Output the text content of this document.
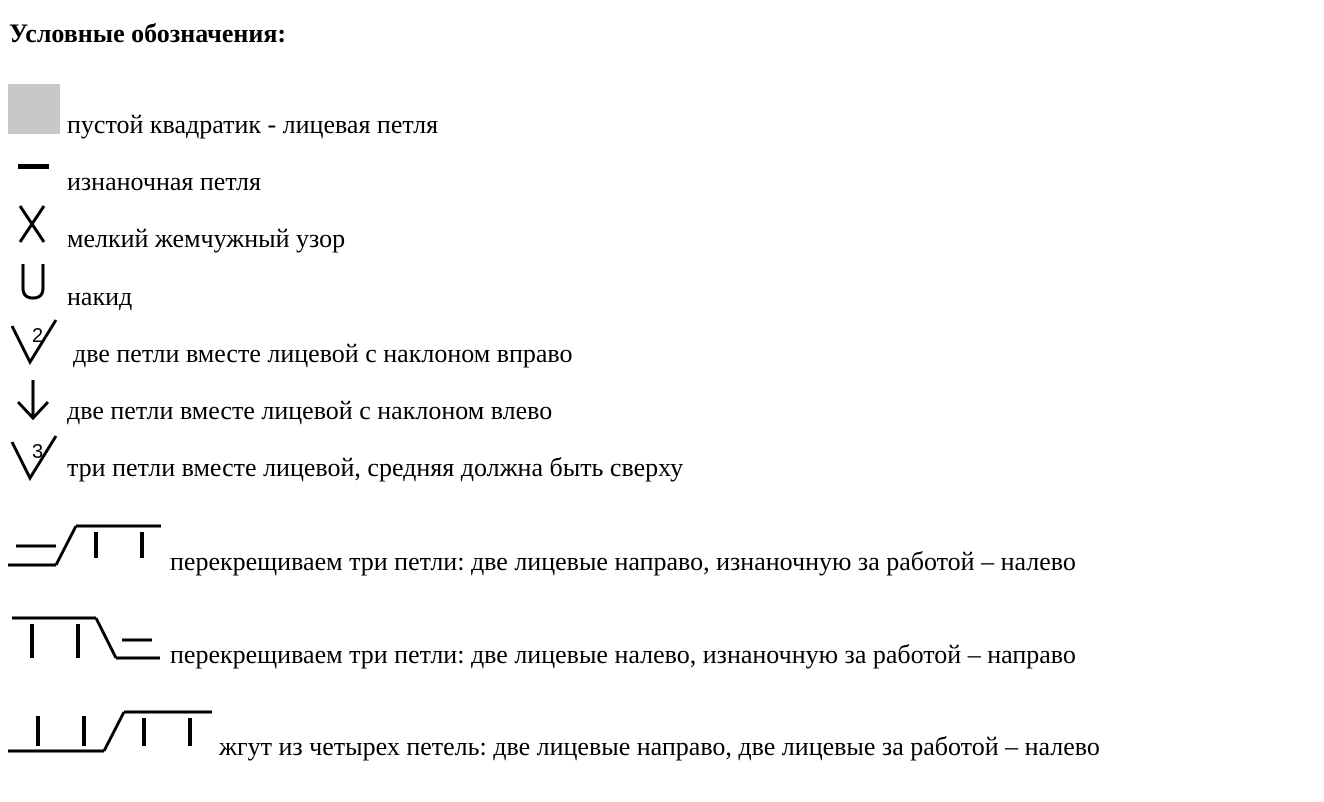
Условные обозначения:
пустой квадратик - лицевая петля
изнаночная петля
мелкий жемчужный узор
накид
2
две петли вместе лицевой с наклоном вправо
две петли вместе лицевой с наклоном влево
3
три петли вместе лицевой, средняя должна быть сверху
перекрещиваем три петли: две лицевые направо, изнаночную за работой – налево
перекрещиваем три петли: две лицевые налево, изнаночную за работой – направо
жгут из четырех петель: две лицевые направо, две лицевые за работой – налево
